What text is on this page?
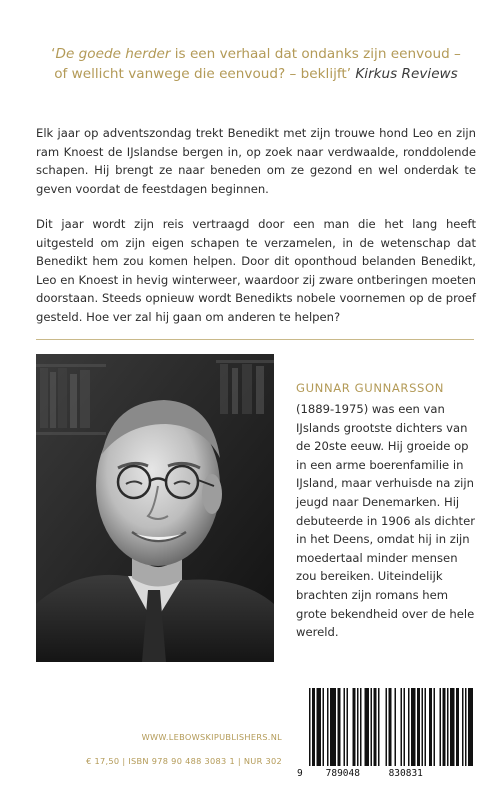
‘De goede herder is een verhaal dat ondanks zijn eenvoud –
of wellicht vanwege die eenvoud? – beklijft’ Kirkus Reviews

Elk jaar op adventszondag trekt Benedikt met zijn trouwe hond Leo en zijn ram Knoest de IJslandse bergen in, op zoek naar verdwaalde, ronddolende schapen. Hij brengt ze naar beneden om ze gezond en wel onderdak te geven voordat de feestdagen beginnen.

Dit jaar wordt zijn reis vertraagd door een man die het lang heeft uitgesteld om zijn eigen schapen te verzamelen, in de wetenschap dat Benedikt hem zou komen helpen. Door dit oponthoud belanden Benedikt, Leo en Knoest in hevig winterweer, waardoor zij zware ontberingen moeten doorstaan. Steeds opnieuw wordt Benedikts nobele voornemen op de proef gesteld. Hoe ver zal hij gaan om anderen te helpen?

GUNNAR GUNNARSSON
(1889-1975) was een van IJslands grootste dichters van de 20ste eeuw. Hij groeide op in een arme boerenfamilie in IJsland, maar verhuisde na zijn jeugd naar Denemarken. Hij debuteerde in 1906 als dichter in het Deens, omdat hij in zijn moedertaal minder mensen zou bereiken. Uiteindelijk brachten zijn romans hem grote bekendheid over de hele wereld.
WWW.LEBOWSKIPUBLISHERS.NL
€ 17,50 | ISBN 978 90 488 3083 1 | NUR 302
9 789048	830831
